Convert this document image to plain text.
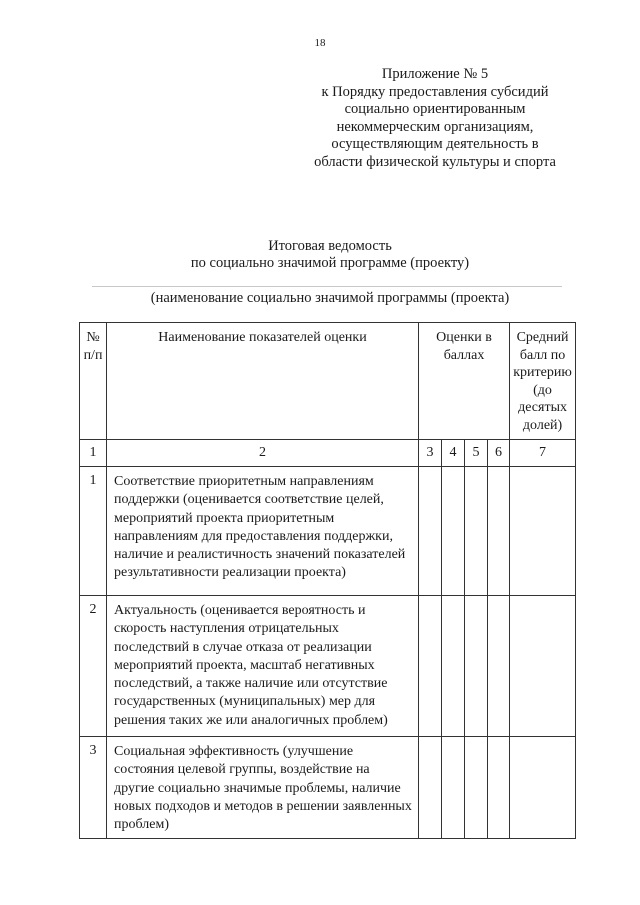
18
Приложение № 5
к Порядку предоставления субсидий
социально ориентированным
некоммерческим организациям,
осуществляющим деятельность в
области физической культуры и спорта
Итоговая ведомость
по социально значимой программе (проекту)
(наименование социально значимой программы (проекта)
№ п/п	Наименование показателей оценки	Оценки в баллах				Средний балл по критерию (до десятых долей)
1	2	3	4	5	6	7
1	Соответствие приоритетным направлениям поддержки (оценивается соответствие целей, мероприятий проекта приоритетным направлениям для предоставления поддержки, наличие и реалистичность значений показателей результативности реализации проекта)					
2	Актуальность (оценивается вероятность и скорость наступления отрицательных последствий в случае отказа от реализации мероприятий проекта, масштаб негативных последствий, а также наличие или отсутствие государственных (муниципальных) мер для решения таких же или аналогичных проблем)					
3	Социальная эффективность (улучшение состояния целевой группы, воздействие на другие социально значимые проблемы, наличие новых подходов и методов в решении заявленных проблем)					
